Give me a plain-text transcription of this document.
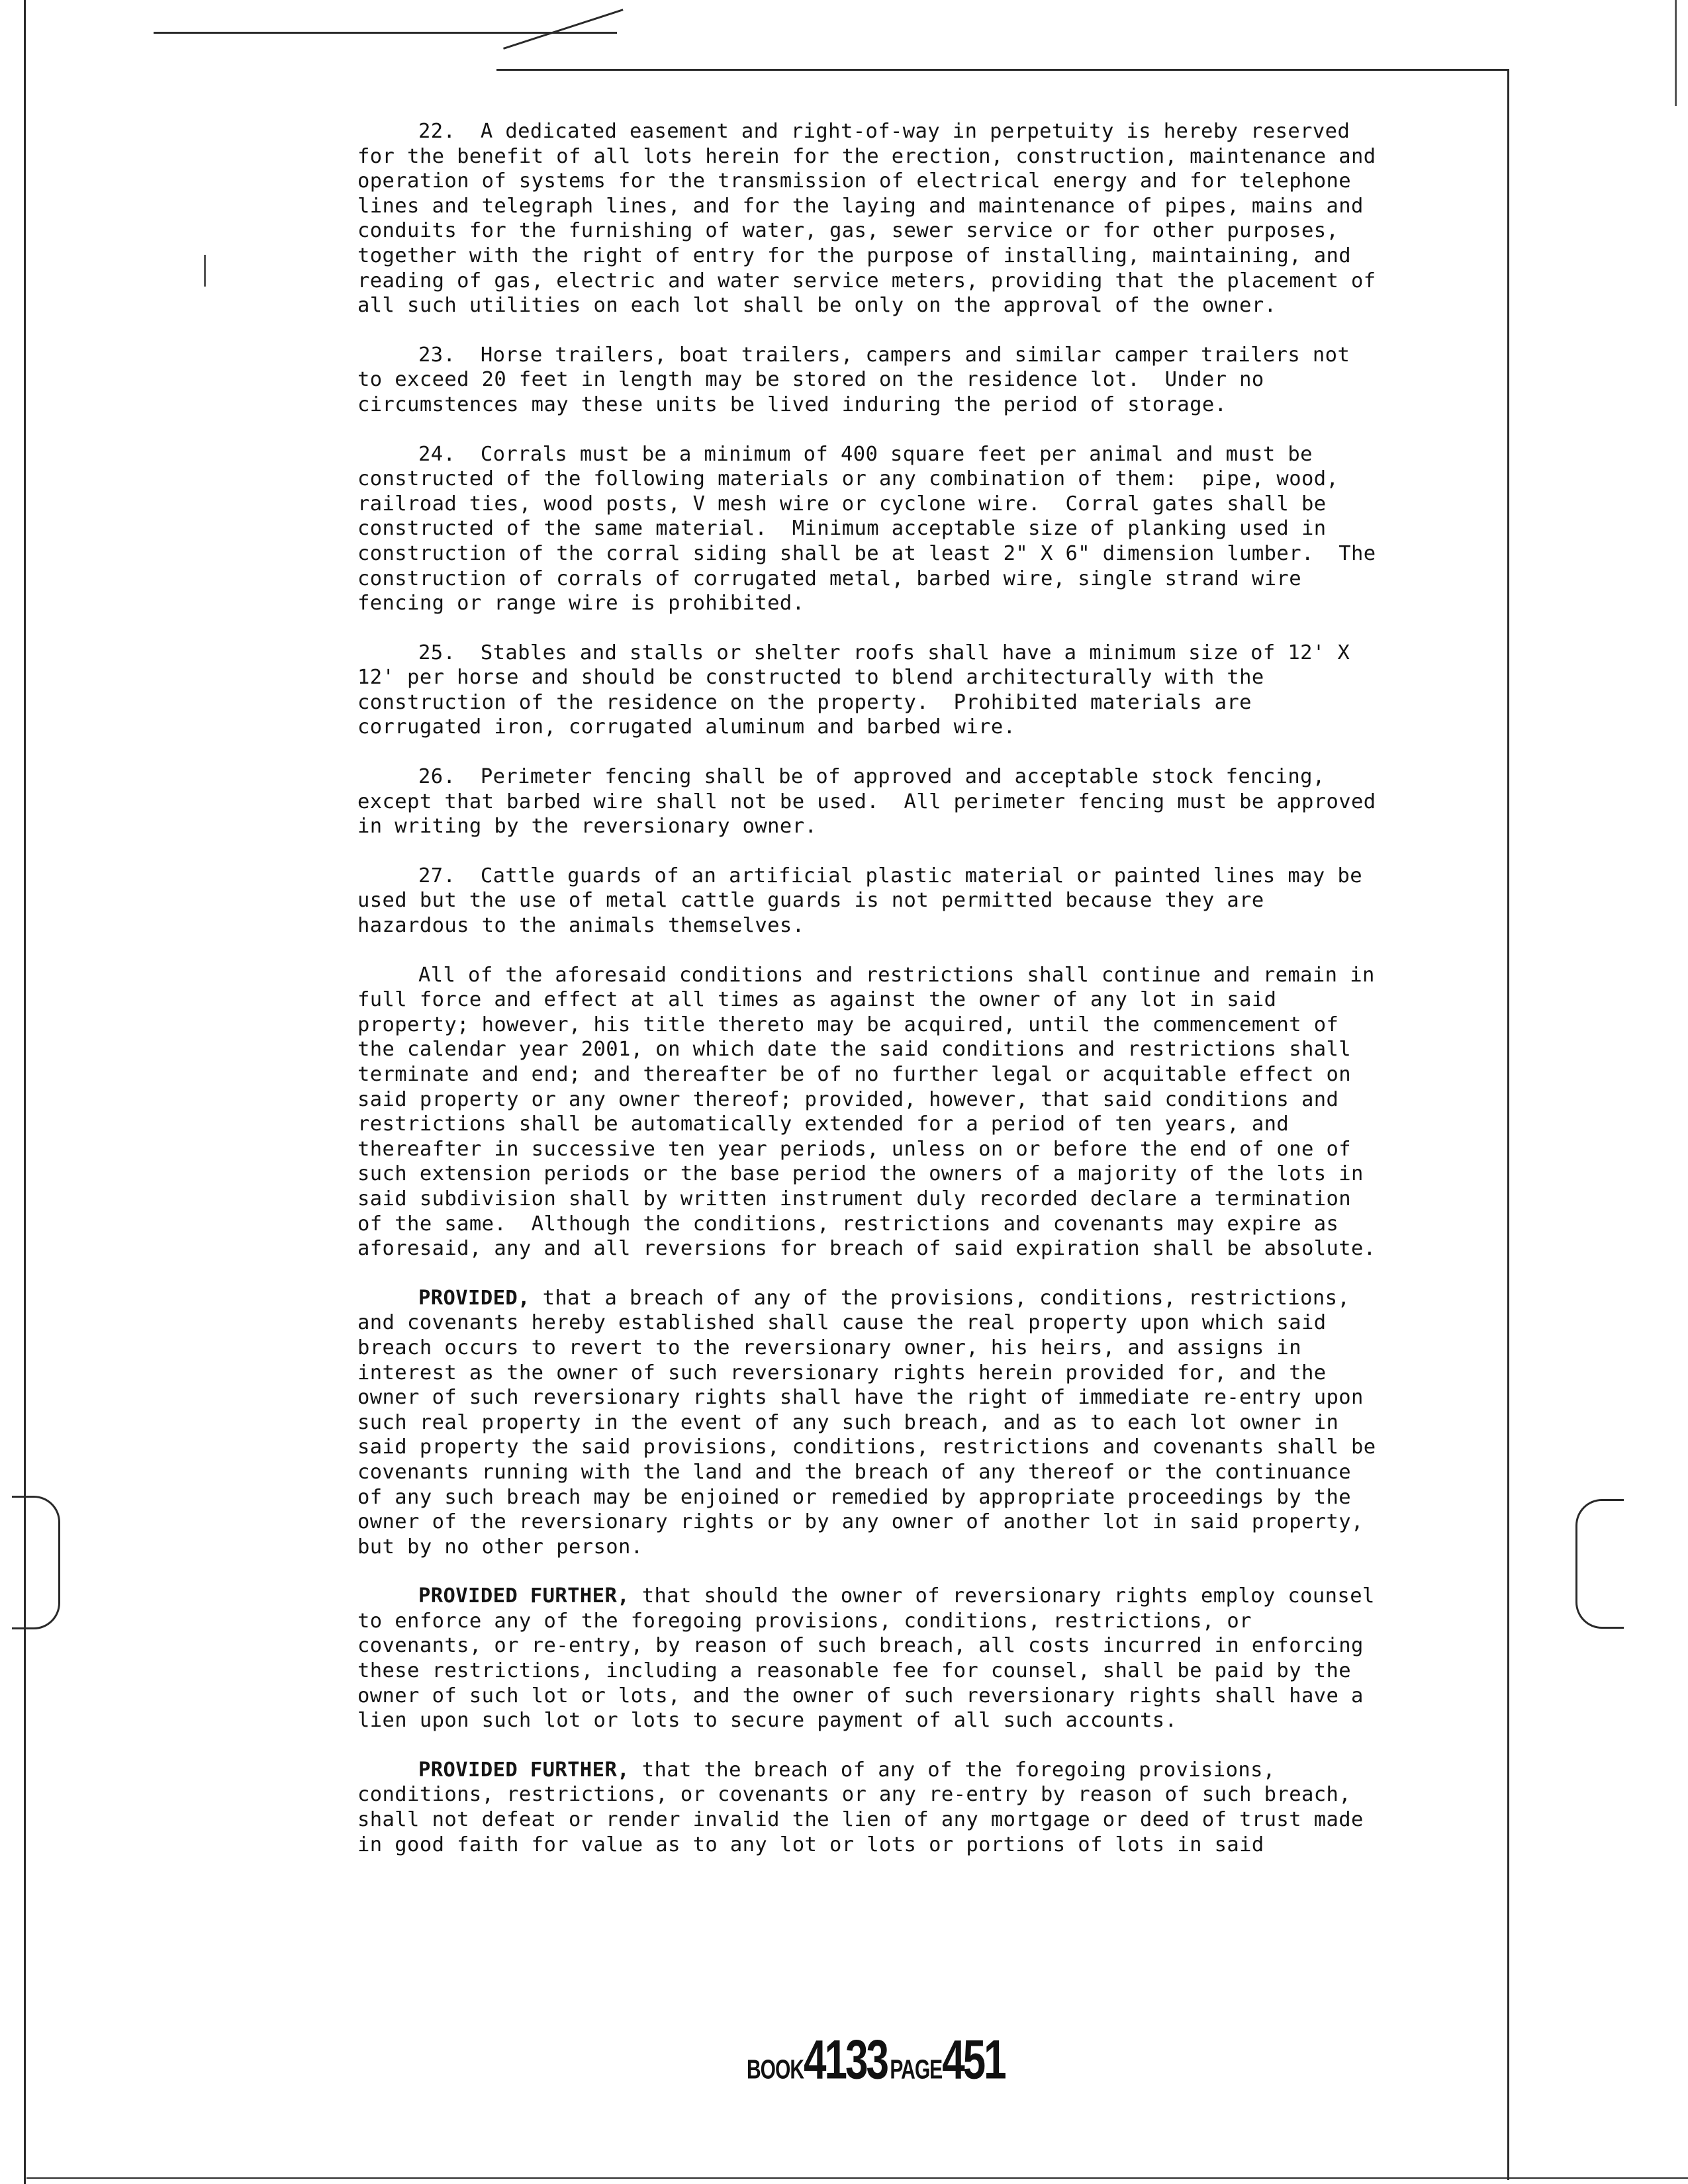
22. A dedicated easement and right-of-way in perpetuity is hereby reserved for the benefit of all lots herein for the erection, construction, maintenance and operation of systems for the transmission of electrical energy and for telephone lines and telegraph lines, and for the laying and maintenance of pipes, mains and conduits for the furnishing of water, gas, sewer service or for other purposes, together with the right of entry for the purpose of installing, maintaining, and reading of gas, electric and water service meters, providing that the placement of all such utilities on each lot shall be only on the approval of the owner.

23. Horse trailers, boat trailers, campers and similar camper trailers not to exceed 20 feet in length may be stored on the residence lot.  Under no circumstences may these units be lived induring the period of storage.

24. Corrals must be a minimum of 400 square feet per animal and must be constructed of the following materials or any combination of them:  pipe, wood, railroad ties, wood posts, V mesh wire or cyclone wire.  Corral gates shall be constructed of the same material.  Minimum acceptable size of planking used in construction of the corral siding shall be at least 2" X 6" dimension lumber.  The construction of corrals of corrugated metal, barbed wire, single strand wire fencing or range wire is prohibited.

25. Stables and stalls or shelter roofs shall have a minimum size of 12' X 12' per horse and should be constructed to blend architecturally with the construction of the residence on the property.  Prohibited materials are corrugated iron, corrugated aluminum and barbed wire.

26. Perimeter fencing shall be of approved and acceptable stock fencing, except that barbed wire shall not be used.  All perimeter fencing must be approved in writing by the reversionary owner.

27. Cattle guards of an artificial plastic material or painted lines may be used but the use of metal cattle guards is not permitted because they are hazardous to the animals themselves.

All of the aforesaid conditions and restrictions shall continue and remain in full force and effect at all times as against the owner of any lot in said property; however, his title thereto may be acquired, until the commencement of the calendar year 2001, on which date the said conditions and restrictions shall terminate and end; and thereafter be of no further legal or acquitable effect on said property or any owner thereof; provided, however, that said conditions and restrictions shall be automatically extended for a period of ten years, and thereafter in successive ten year periods, unless on or before the end of one of such extension periods or the base period the owners of a majority of the lots in said subdivision shall by written instrument duly recorded declare a termination of the same.  Although the conditions, restrictions and covenants may expire as aforesaid, any and all reversions for breach of said expiration shall be absolute.

PROVIDED, that a breach of any of the provisions, conditions, restrictions, and covenants hereby established shall cause the real property upon which said breach occurs to revert to the reversionary owner, his heirs, and assigns in interest as the owner of such reversionary rights herein provided for, and the owner of such reversionary rights shall have the right of immediate re-entry upon such real property in the event of any such breach, and as to each lot owner in said property the said provisions, conditions, restrictions and covenants shall be covenants running with the land and the breach of any thereof or the continuance of any such breach may be enjoined or remedied by appropriate proceedings by the owner of the reversionary rights or by any owner of another lot in said property, but by no other person.

PROVIDED FURTHER, that should the owner of reversionary rights employ counsel to enforce any of the foregoing provisions, conditions, restrictions, or covenants, or re-entry, by reason of such breach, all costs incurred in enforcing these restrictions, including a reasonable fee for counsel, shall be paid by the owner of such lot or lots, and the owner of such reversionary rights shall have a lien upon such lot or lots to secure payment of all such accounts.

PROVIDED FURTHER, that the breach of any of the foregoing provisions, conditions, restrictions, or covenants or any re-entry by reason of such breach, shall not defeat or render invalid the lien of any mortgage or deed of trust made in good faith for value as to any lot or lots or portions of lots in said

BOOK4133 PAGE451
